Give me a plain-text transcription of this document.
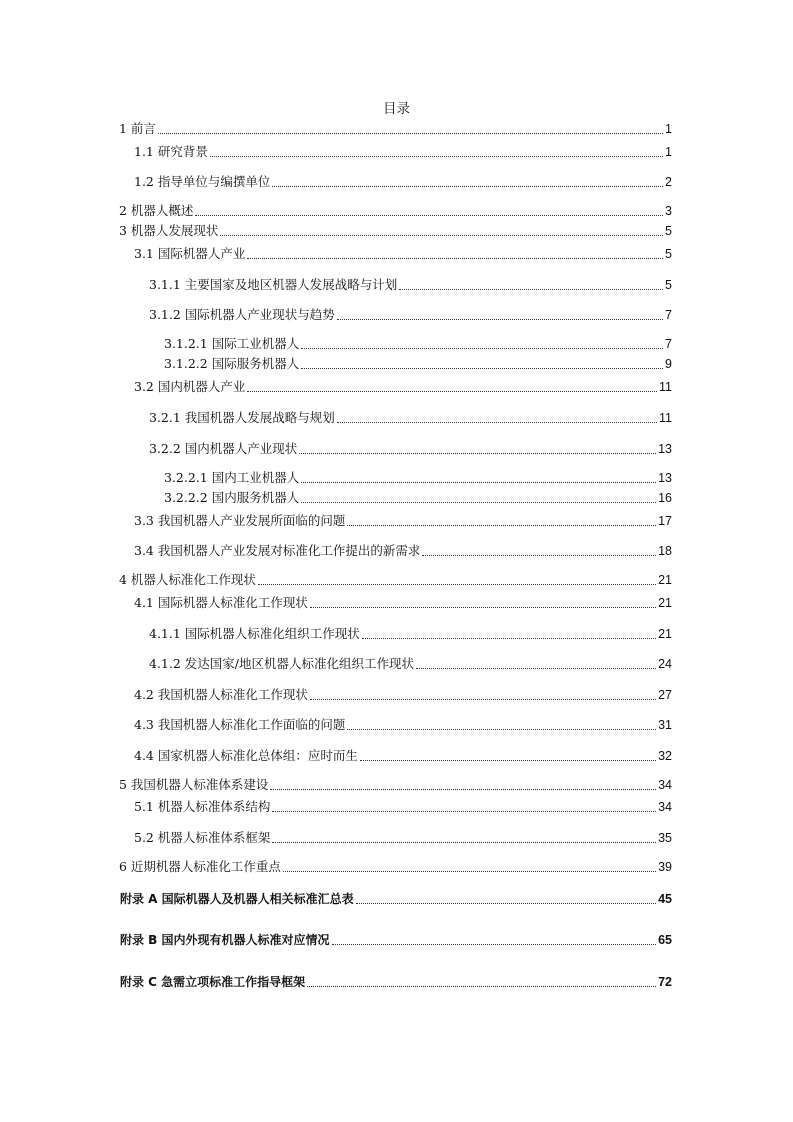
目录
1 前言	1
1.1 研究背景	1
1.2 指导单位与编撰单位	2
2 机器人概述	3
3 机器人发展现状	5
3.1 国际机器人产业	5
3.1.1 主要国家及地区机器人发展战略与计划	5
3.1.2 国际机器人产业现状与趋势	7
3.1.2.1 国际工业机器人	7
3.1.2.2 国际服务机器人	9
3.2 国内机器人产业	11
3.2.1 我国机器人发展战略与规划	11
3.2.2 国内机器人产业现状	13
3.2.2.1 国内工业机器人	13
3.2.2.2 国内服务机器人	16
3.3 我国机器人产业发展所面临的问题	17
3.4 我国机器人产业发展对标准化工作提出的新需求	18
4 机器人标准化工作现状	21
4.1 国际机器人标准化工作现状	21
4.1.1 国际机器人标准化组织工作现状	21
4.1.2 发达国家/地区机器人标准化组织工作现状	24
4.2 我国机器人标准化工作现状	27
4.3 我国机器人标准化工作面临的问题	31
4.4 国家机器人标准化总体组：应时而生	32
5 我国机器人标准体系建设	34
5.1 机器人标准体系结构	34
5.2 机器人标准体系框架	35
6 近期机器人标准化工作重点	39
附录 A 国际机器人及机器人相关标准汇总表	45
附录 B 国内外现有机器人标准对应情况	65
附录 C 急需立项标准工作指导框架	72
